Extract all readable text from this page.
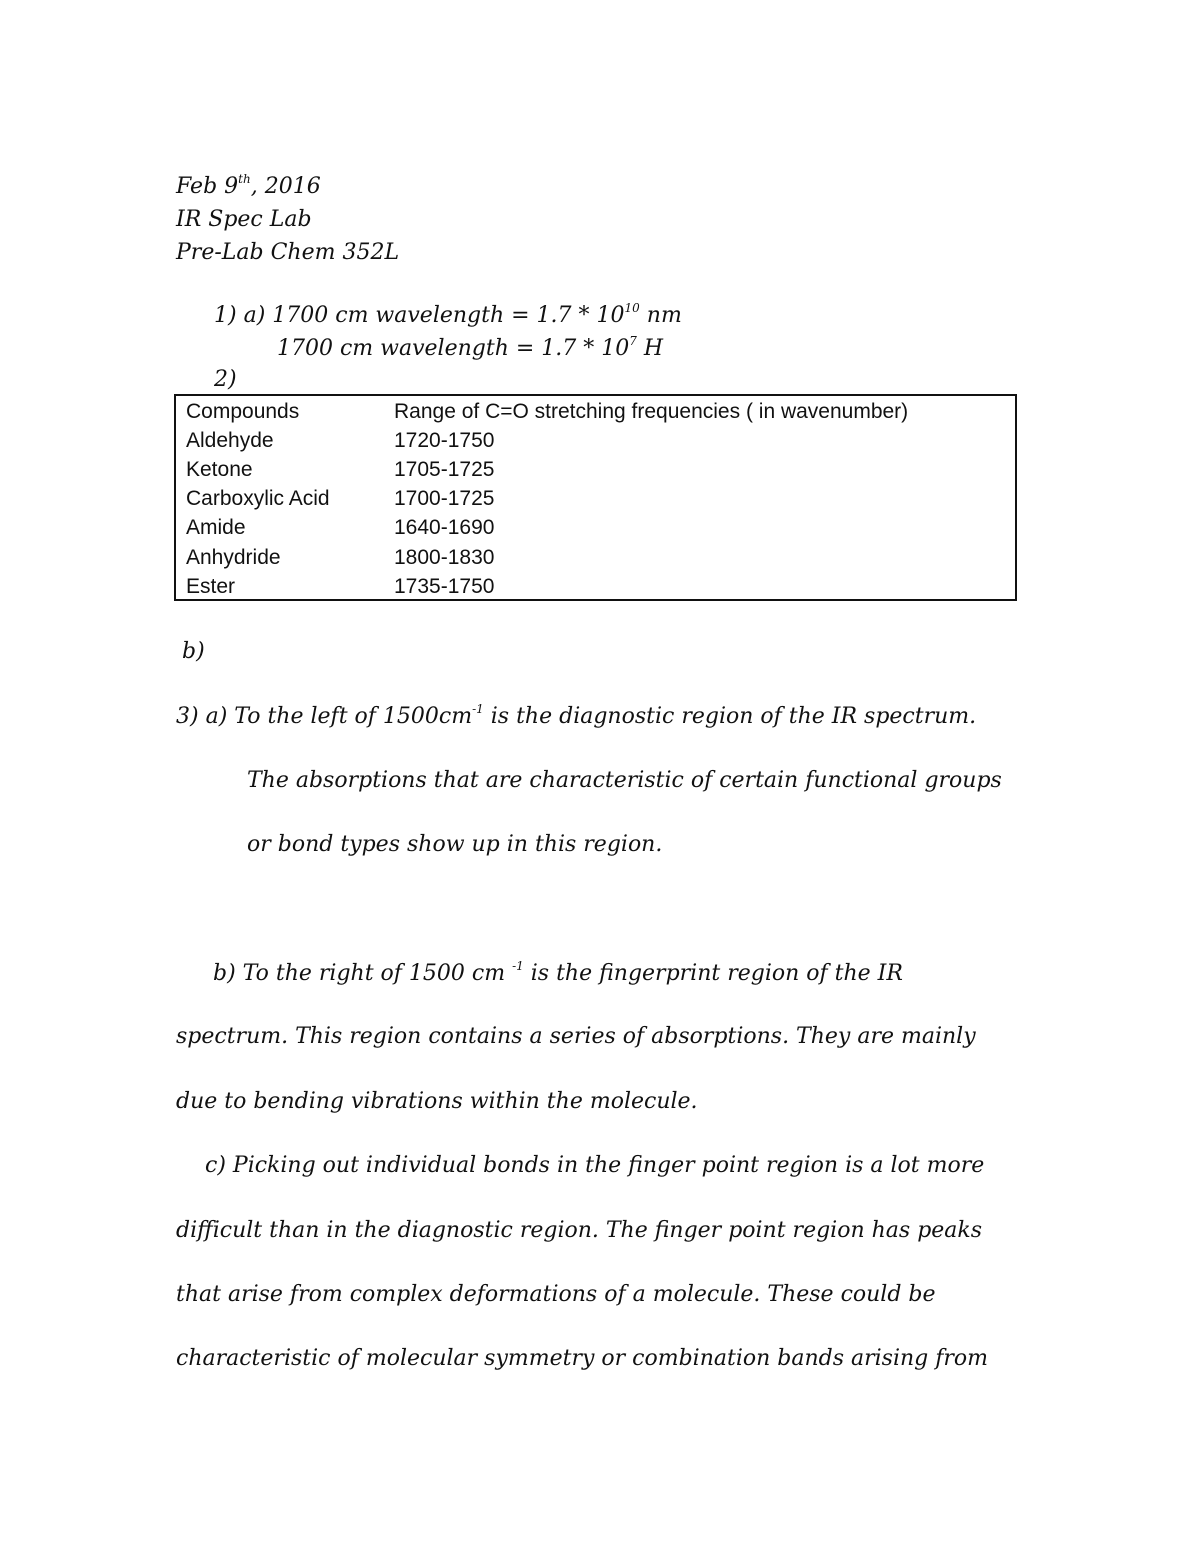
Feb 9th, 2016
IR Spec Lab
Pre-Lab Chem 352L
1) a) 1700 cm wavelength = $1.7 * 10^{10}$ nm
1700 cm wavelength = $1.7 * 10^7$ H
2)
Compounds	Range of C=O stretching frequencies ( in wavenumber)
Aldehyde	1720-1750
Ketone	1705-1725
Carboxylic Acid	1700-1725
Amide	1640-1690
Anhydride	1800-1830
Ester	1735-1750
b)
3) a) To the left of $1500cm^{-1}$ is the diagnostic region of the IR spectrum.
The absorptions that are characteristic of certain functional groups
or bond types show up in this region.
b) To the right of 1500 cm $^{-1}$ is the fingerprint region of the IR
spectrum. This region contains a series of absorptions. They are mainly
due to bending vibrations within the molecule.
c) Picking out individual bonds in the finger point region is a lot more
difficult than in the diagnostic region. The finger point region has peaks
that arise from complex deformations of a molecule. These could be
characteristic of molecular symmetry or combination bands arising from
